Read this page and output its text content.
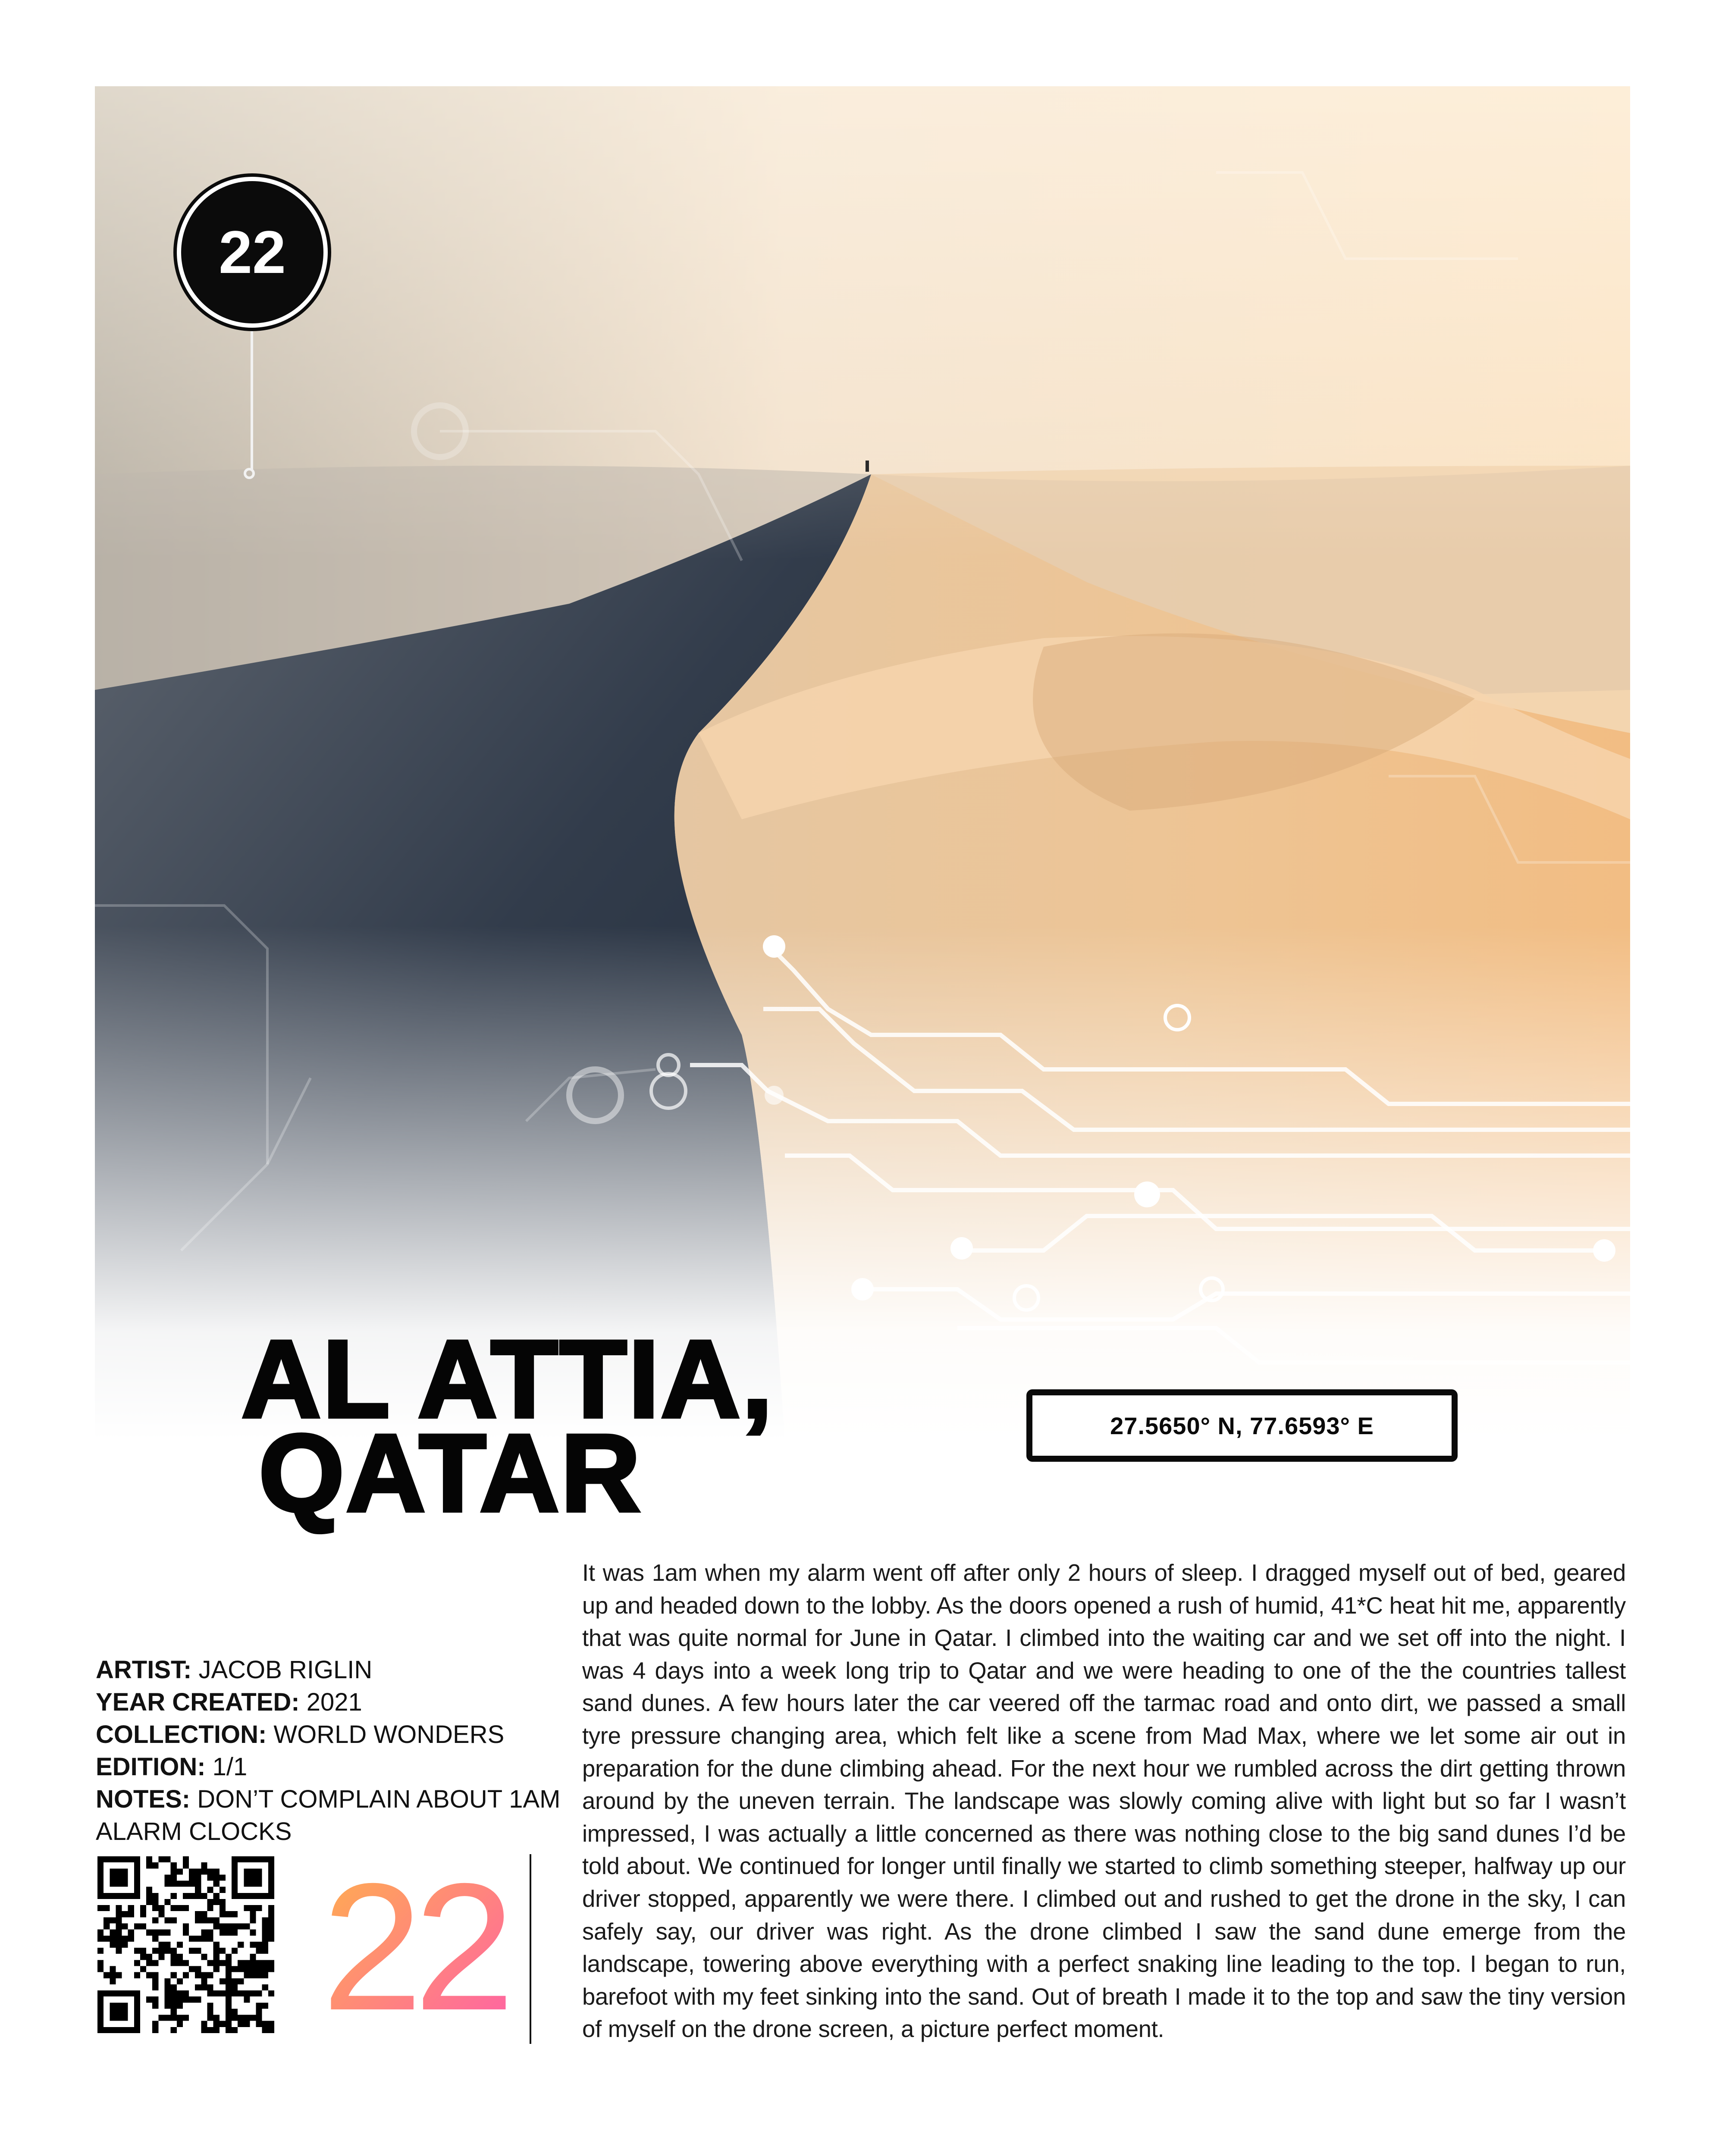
22
AL ATTIA,
QATAR	27.5650° N, 77.6593° E
ARTIST: JACOB RIGLIN
YEAR CREATED: 2021
COLLECTION: WORLD WONDERS
EDITION: 1/1
NOTES: DON’T COMPLAIN ABOUT 1AM ALARM CLOCKS
22
It was 1am when my alarm went off after only 2 hours of sleep. I dragged myself out of bed, geared up and headed down to the lobby. As the doors opened a rush of humid, 41*C heat hit me, apparently that was quite normal for June in Qatar. I climbed into the waiting car and we set off into the night. I was 4 days into a week long trip to Qatar and we were heading to one of the the countries tallest sand dunes. A few hours later the car veered off the tarmac road and onto dirt, we passed a small tyre pressure changing area, which felt like a scene from Mad Max, where we let some air out in preparation for the dune climbing ahead. For the next hour we rumbled across the dirt getting thrown around by the uneven terrain. The landscape was slowly coming alive with light but so far I wasn’t impressed, I was actually a little concerned as there was nothing close to the big sand dunes I’d be told about. We continued for longer until finally we started to climb something steeper, halfway up our driver stopped, apparently we were there. I climbed out and rushed to get the drone in the sky, I can safely say, our driver was right. As the drone climbed I saw the sand dune emerge from the landscape, towering above everything with a perfect snaking line leading to the top. I began to run, barefoot with my feet sinking into the sand. Out of breath I made it to the top and saw the tiny version of myself on the drone screen, a picture perfect moment.
